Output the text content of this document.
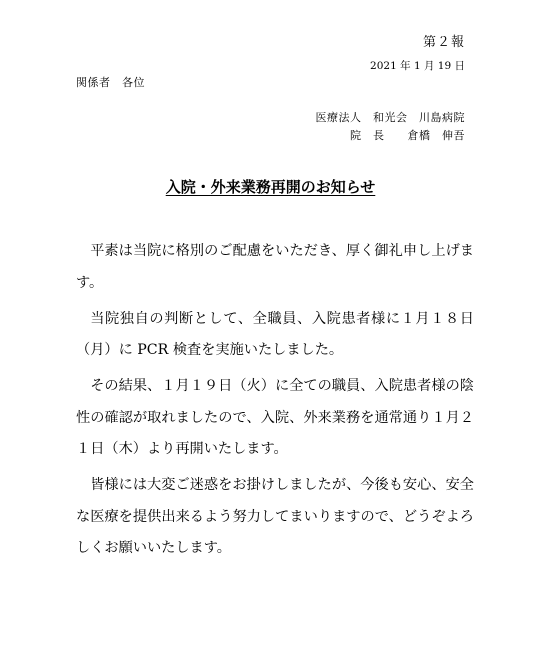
第２報
2021 年 1 月 19 日
関係者　各位
医療法人　和光会　川島病院
院　長　　倉橋　伸吾
入院・外来業務再開のお知らせ

平素は当院に格別のご配慮をいただき、厚く御礼申し上げます。

当院独自の判断として、全職員、入院患者様に１月１８日（月）に PCR 検査を実施いたしました。

その結果、１月１９日（火）に全ての職員、入院患者様の陰性の確認が取れましたので、入院、外来業務を通常通り１月２１日（木）より再開いたします。

皆様には大変ご迷惑をお掛けしましたが、今後も安心、安全な医療を提供出来るよう努力してまいりますので、どうぞよろしくお願いいたします。
